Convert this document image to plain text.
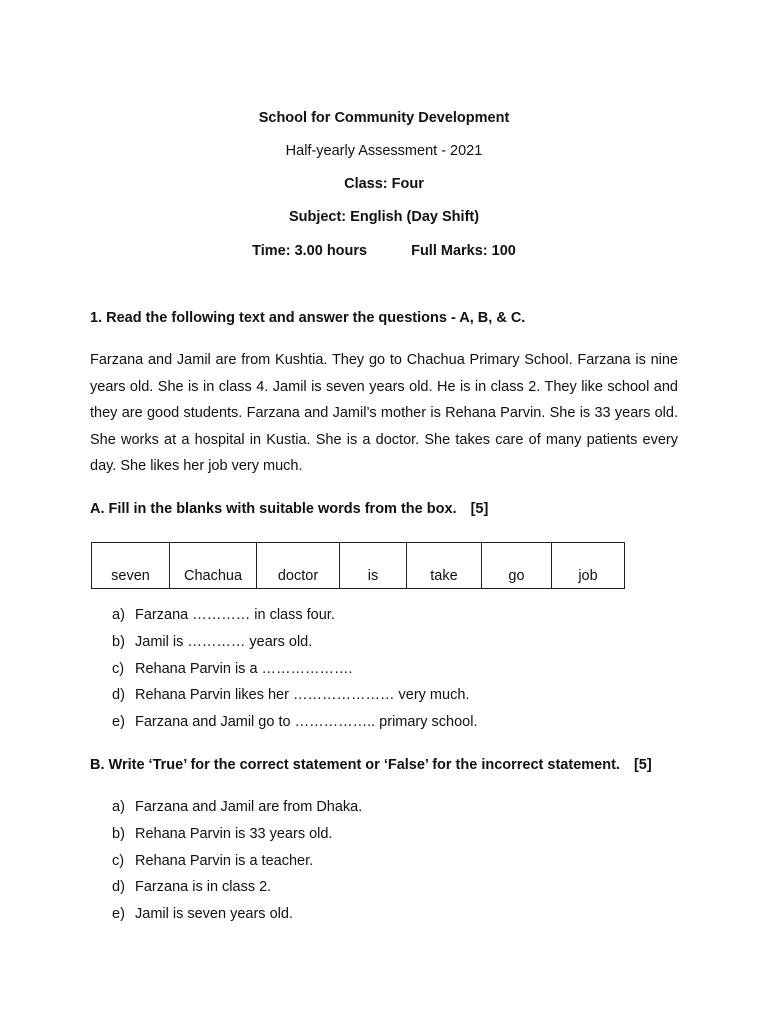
School for Community Development
Half-yearly Assessment - 2021
Class: Four
Subject: English (Day Shift)
Time: 3.00 hours	Full Marks: 100
1. Read the following text and answer the questions - A, B, & C.
Farzana and Jamil are from Kushtia. They go to Chachua Primary School. Farzana is nine years old. She is in class 4. Jamil is seven years old. He is in class 2. They like school and they are good students. Farzana and Jamil’s mother is Rehana Parvin. She is 33 years old. She works at a hospital in Kustia. She is a doctor. She takes care of many patients every day. She likes her job very much.
A. Fill in the blanks with suitable words from the box. [5]
seven	Chachua	doctor	is	take	go	job
a) Farzana ………… in class four.
b) Jamil is ………… years old.
c) Rehana Parvin is a ……………….
d) Rehana Parvin likes her ………………… very much.
e) Farzana and Jamil go to …………….. primary school.
B. Write ‘True’ for the correct statement or ‘False’ for the incorrect statement. [5]
a) Farzana and Jamil are from Dhaka.
b) Rehana Parvin is 33 years old.
c) Rehana Parvin is a teacher.
d) Farzana is in class 2.
e) Jamil is seven years old.
